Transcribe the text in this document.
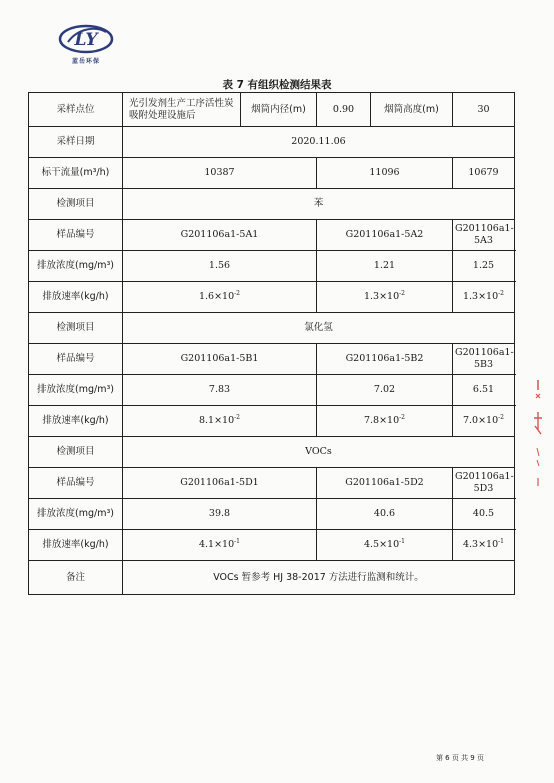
LY
蓝岳环保
表 7 有组织检测结果表
采样点位	光引发剂生产工序活性炭吸附处理设施后	烟筒内径(m)	0.90	烟筒高度(m)	30
采样日期	2020.11.06				
标干流量(m³/h)	10387		11096		10679
检测项目	苯				
样品编号	G201106a1-5A1		G201106a1-5A2		G201106a1-5A3
排放浓度(mg/m³)	1.56		1.21		1.25
排放速率(kg/h)	$1.6\times 10^{-2}$		$1.3\times 10^{-2}$		$1.3\times 10^{-2}$
检测项目	氯化氢				
样品编号	G201106a1-5B1		G201106a1-5B2		G201106a1-5B3
排放浓度(mg/m³)	7.83		7.02		6.51
排放速率(kg/h)	$8.1\times 10^{-2}$		$7.8\times 10^{-2}$		$7.0\times 10^{-2}$
检测项目	VOCs				
样品编号	G201106a1-5D1		G201106a1-5D2		G201106a1-5D3
排放浓度(mg/m³)	39.8		40.6		40.5
排放速率(kg/h)	$4.1\times 10^{-1}$		$4.5\times 10^{-1}$		$4.3\times 10^{-1}$
备注	VOCs 暂参考 HJ 38-2017 方法进行监测和统计。				
第 6 页 共 9 页
